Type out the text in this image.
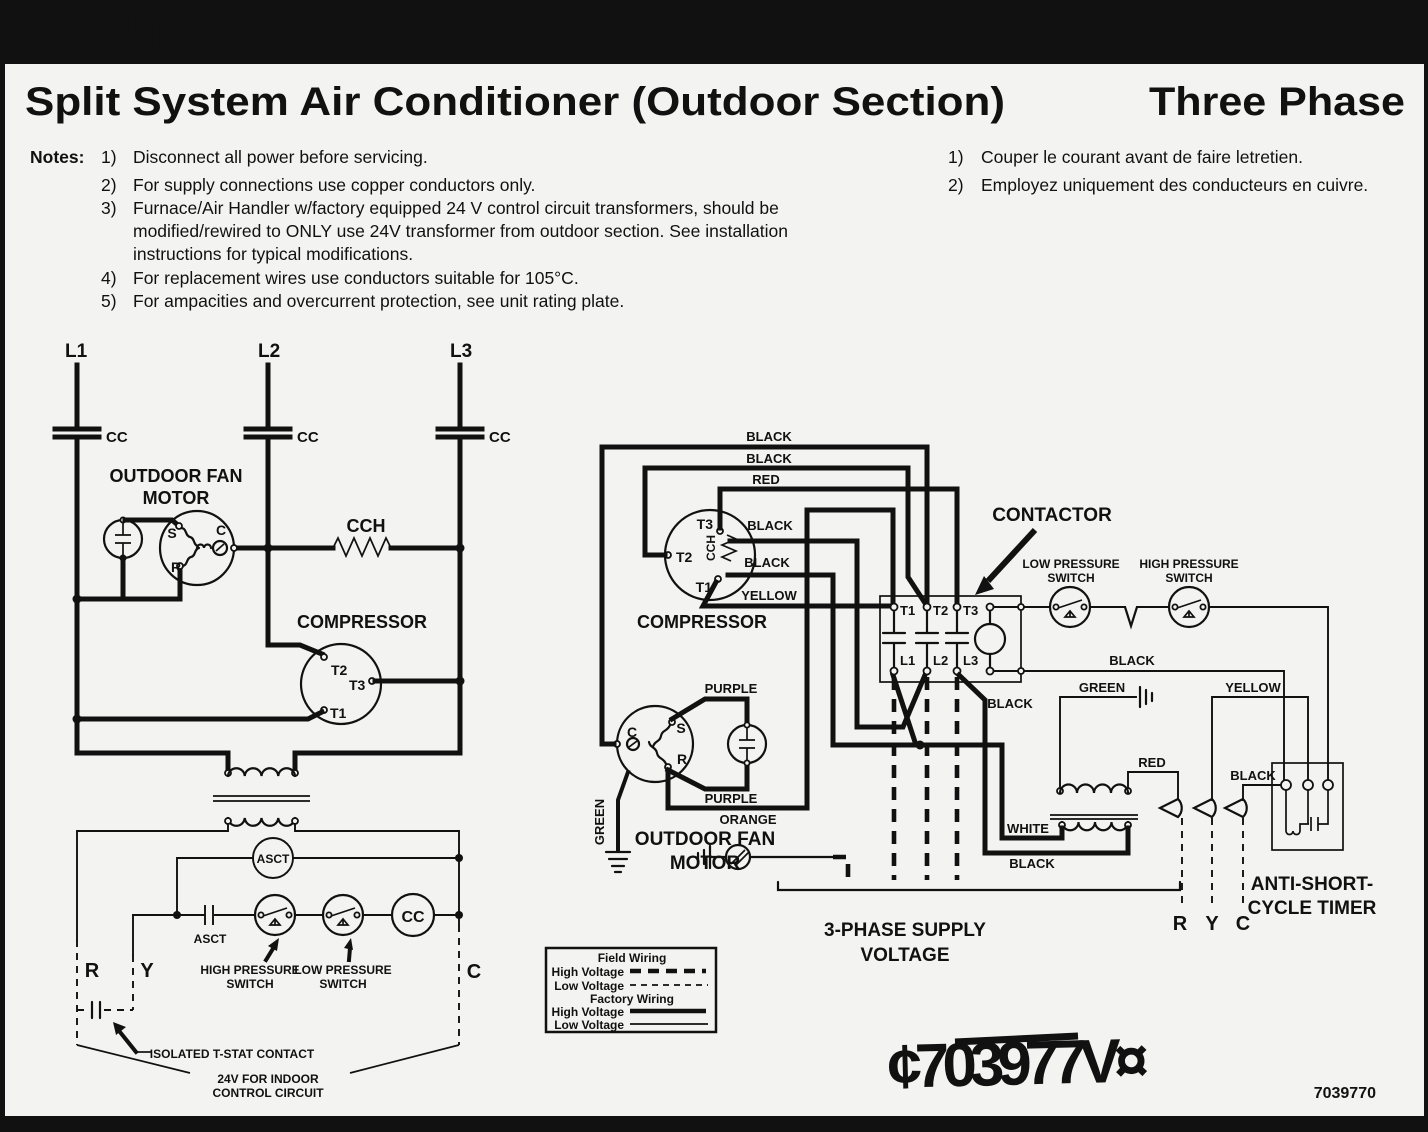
WIRING DIAGRAM
Split System Air Conditioner (Outdoor Section)	Three Phase
Notes: 1) Disconnect all power before servicing.
2) For supply connections use copper conductors only.
3) Furnace/Air Handler w/factory equipped 24 V control circuit transformers, should be
modified/rewired to ONLY use 24V transformer from outdoor section. See installation
instructions for typical modifications.
4) For replacement wires use conductors suitable for 105°C.
5) For ampacities and overcurrent protection, see unit rating plate.
1) Couper le courant avant de faire letretien.
2) Employez uniquement des conducteurs en cuivre.
L1	L2	L3
CC	CC	CC
OUTDOOR FAN
MOTOR
S	C
R
CCH
COMPRESSOR
T2
T3
T1
ASCT
ASCT
CC
HIGH PRESSURE
SWITCH
LOW PRESSURE
SWITCH
R Y	C
ISOLATED T-STAT CONTACT
24V FOR INDOOR
CONTROL CIRCUIT
COMPRESSOR
T3
T2
T1
CCH
BLACK
BLACK
RED
BLACK
BLACK
YELLOW
C	S
R
PURPLE
PURPLE
ORANGE
GREEN OUTDOOR FAN
MOTOR
T1 T2 T3
L1 L2 L3
CONTACTOR
LOW PRESSURE
SWITCH
HIGH PRESSURE
SWITCH
BLACK
3-PHASE SUPPLY
VOLTAGE
WHITE
BLACK
BLACK
GREEN
RED
YELLOW
BLACK
R Y C
ANTI-SHORT-
CYCLE TIMER
Field Wiring
High Voltage
Low Voltage
Factory Wiring
High Voltage
Low Voltage
¢703977V¤	7039770
